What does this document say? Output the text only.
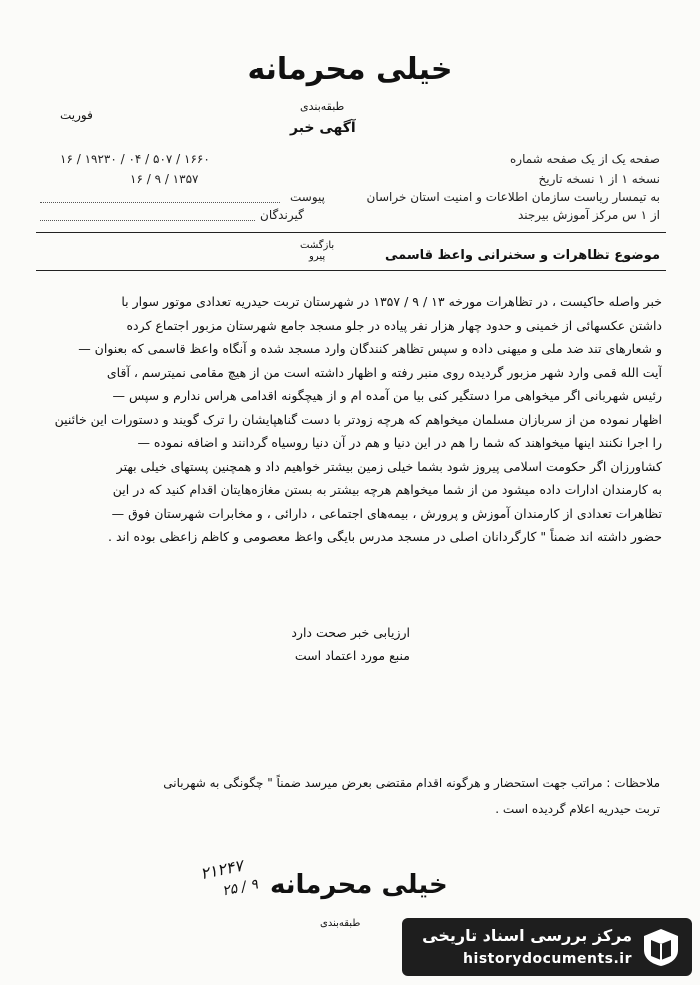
خیلی محرمانه
طبقه‌بندی
فوریت
آگهی خبر
صفحه یک از یک صفحه شماره
۱۶ / ۱۹۲۳۰ / ۰۴ / ۵۰۷ / ۱۶۶۰
نسخه ۱ از ۱ نسخه تاریخ
۱۶ / ۹ / ۱۳۵۷
به تیمسار ریاست سازمان اطلاعات و امنیت استان خراسان
پیوست
از ۱ س مرکز آموزش بیرجند
گیرندگان
بازگشت
پیرو	موضوع تظاهرات و سخنرانی واعظ قاسمی
خبر واصله حاکیست ، در تظاهرات مورخه ۱۳ / ۹ / ۱۳۵۷ در شهرستان تربت حیدریه تعدادی موتور سوار با
داشتن عکسهائی از خمینی و حدود چهار هزار نفر پیاده در جلو مسجد جامع شهرستان مزبور اجتماع کرده
و شعارهای تند ضد ملی و میهنی داده و سپس تظاهر کنندگان وارد مسجد شده و آنگاه واعظ قاسمی که بعنوان —
آیت الله قمی وارد شهر مزبور گردیده روی منبر رفته و اظهار داشته است من از هیچ مقامی نمیترسم ، آقای
رئیس شهربانی اگر میخواهی مرا دستگیر کنی بیا من آمده ام و از هیچگونه اقدامی هراس ندارم و سپس —
اظهار نموده من از سربازان مسلمان میخواهم که هرچه زودتر با دست گناهپایشان را ترک گویند و دستورات این خائنین
را اجرا نکنند اینها میخواهند که شما را هم در این دنیا و هم در آن دنیا روسیاه گردانند و اضافه نموده —
کشاورزان اگر حکومت اسلامی پیروز شود بشما خیلی زمین بیشتر خواهیم داد و همچنین پستهای خیلی بهتر
به کارمندان ادارات داده میشود من از شما میخواهم هرچه بیشتر به بستن مغازه‌هایتان اقدام کنید که در این
تظاهرات تعدادی از کارمندان آموزش و پرورش ، بیمه‌های اجتماعی ، دارائی ، و مخابرات شهرستان فوق —
حضور داشته اند ضمناً " کارگردانان اصلی در مسجد مدرس بایگی واعظ معصومی و کاظم زاعظی بوده اند .
ارزیابی خبر صحت دارد
منبع مورد اعتماد است
ملاحظات : مراتب جهت استحضار و هرگونه اقدام مقتضی بعرض میرسد ضمناً " چگونگی به شهربانی
تربت حیدریه اعلام گردیده است .
۲۱۲۴۷
۲۵ / ۹ خیلی محرمانه
طبقه‌بندی
مرکز بررسی اسناد تاریخی
historydocuments.ir
